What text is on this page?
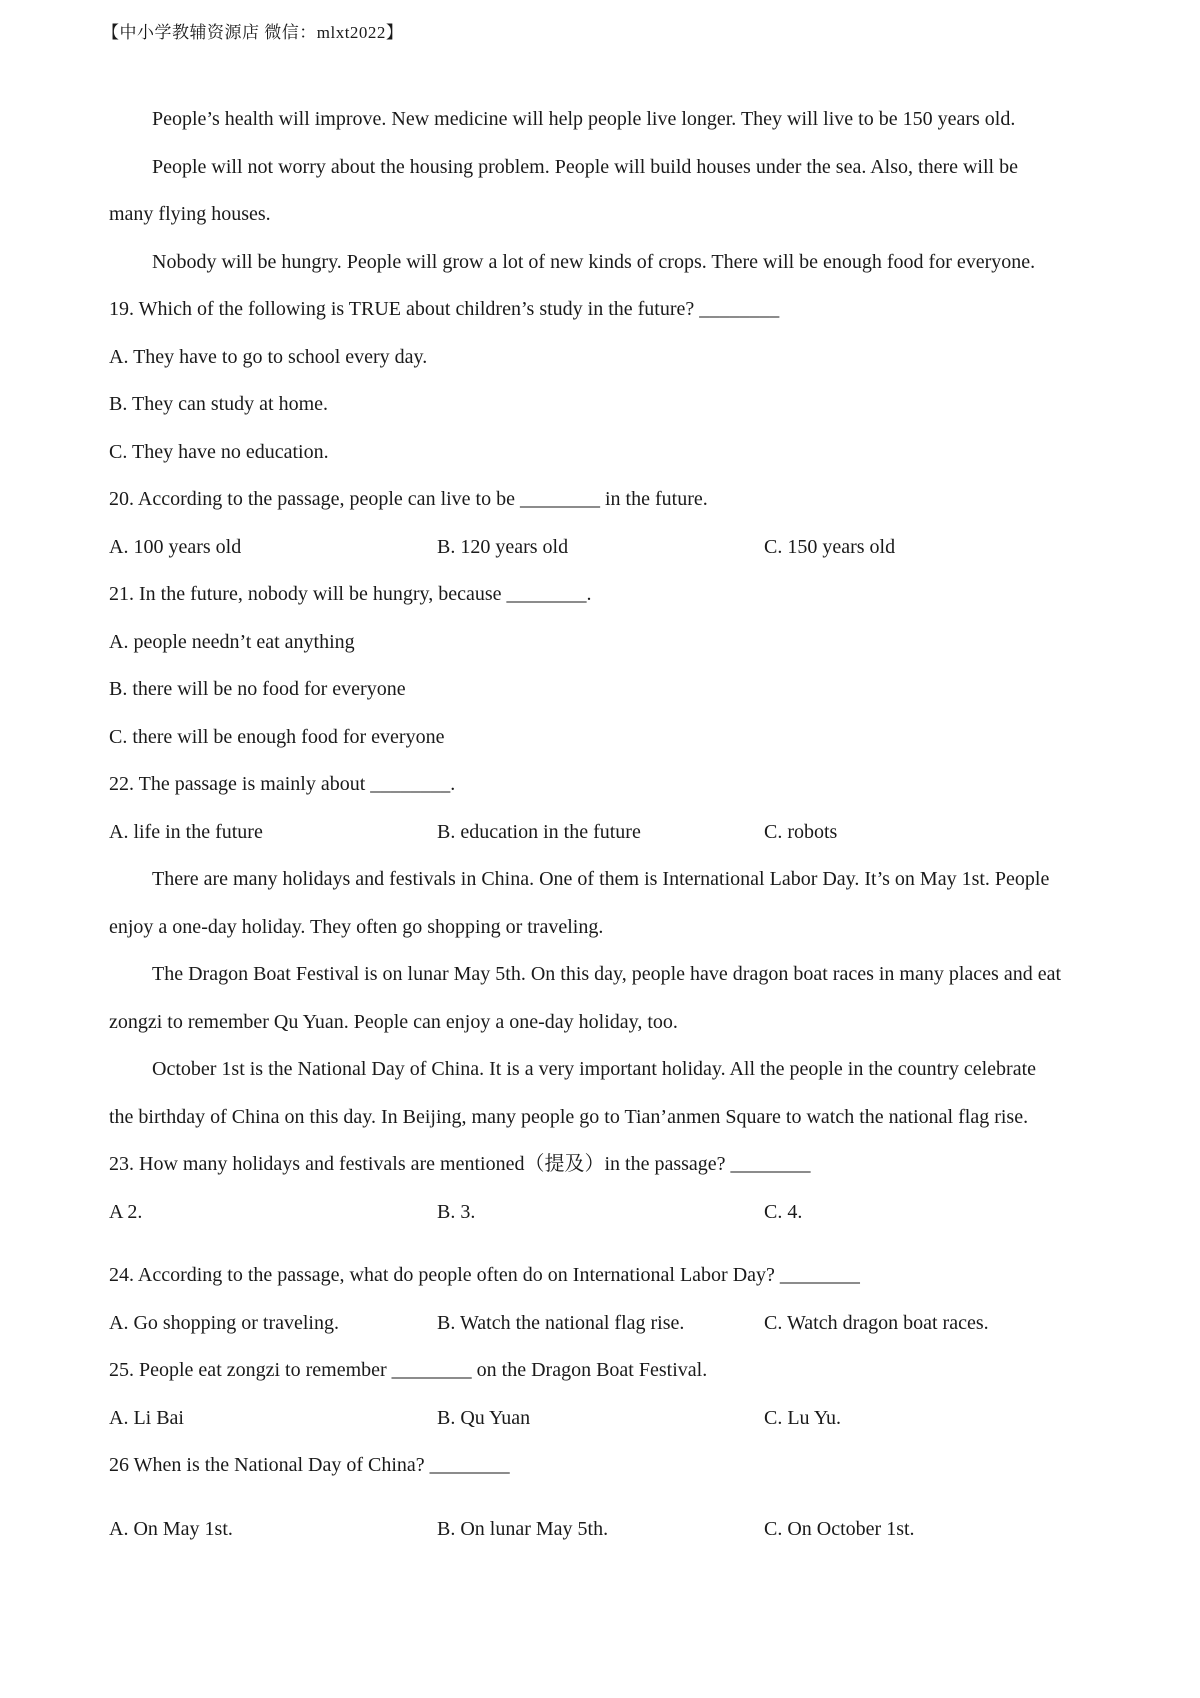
【中小学教辅资源店 微信：mlxt2022】
People’s health will improve. New medicine will help people live longer. They will live to be 150 years old.
People will not worry about the housing problem. People will build houses under the sea. Also, there will be
many flying houses.
Nobody will be hungry. People will grow a lot of new kinds of crops. There will be enough food for everyone.
19. Which of the following is TRUE about children’s study in the future? ________
A. They have to go to school every day.
B. They can study at home.
C. They have no education.
20. According to the passage, people can live to be ________ in the future.
A. 100 years old	B. 120 years old	C. 150 years old
21. In the future, nobody will be hungry, because ________.
A. people needn’t eat anything
B. there will be no food for everyone
C. there will be enough food for everyone
22. The passage is mainly about ________.
A. life in the future	B. education in the future	C. robots
There are many holidays and festivals in China. One of them is International Labor Day. It’s on May 1st. People
enjoy a one-day holiday. They often go shopping or traveling.
The Dragon Boat Festival is on lunar May 5th. On this day, people have dragon boat races in many places and eat
zongzi to remember Qu Yuan. People can enjoy a one-day holiday, too.
October 1st is the National Day of China. It is a very important holiday. All the people in the country celebrate
the birthday of China on this day. In Beijing, many people go to Tian’anmen Square to watch the national flag rise.
23. How many holidays and festivals are mentioned（提及）in the passage? ________
A 2.	B. 3.	C. 4.
24. According to the passage, what do people often do on International Labor Day? ________
A. Go shopping or traveling.	B. Watch the national flag rise.	C. Watch dragon boat races.
25. People eat zongzi to remember ________ on the Dragon Boat Festival.
A. Li Bai	B. Qu Yuan	C. Lu Yu.
26 When is the National Day of China? ________
A. On May 1st.	B. On lunar May 5th.	C. On October 1st.
